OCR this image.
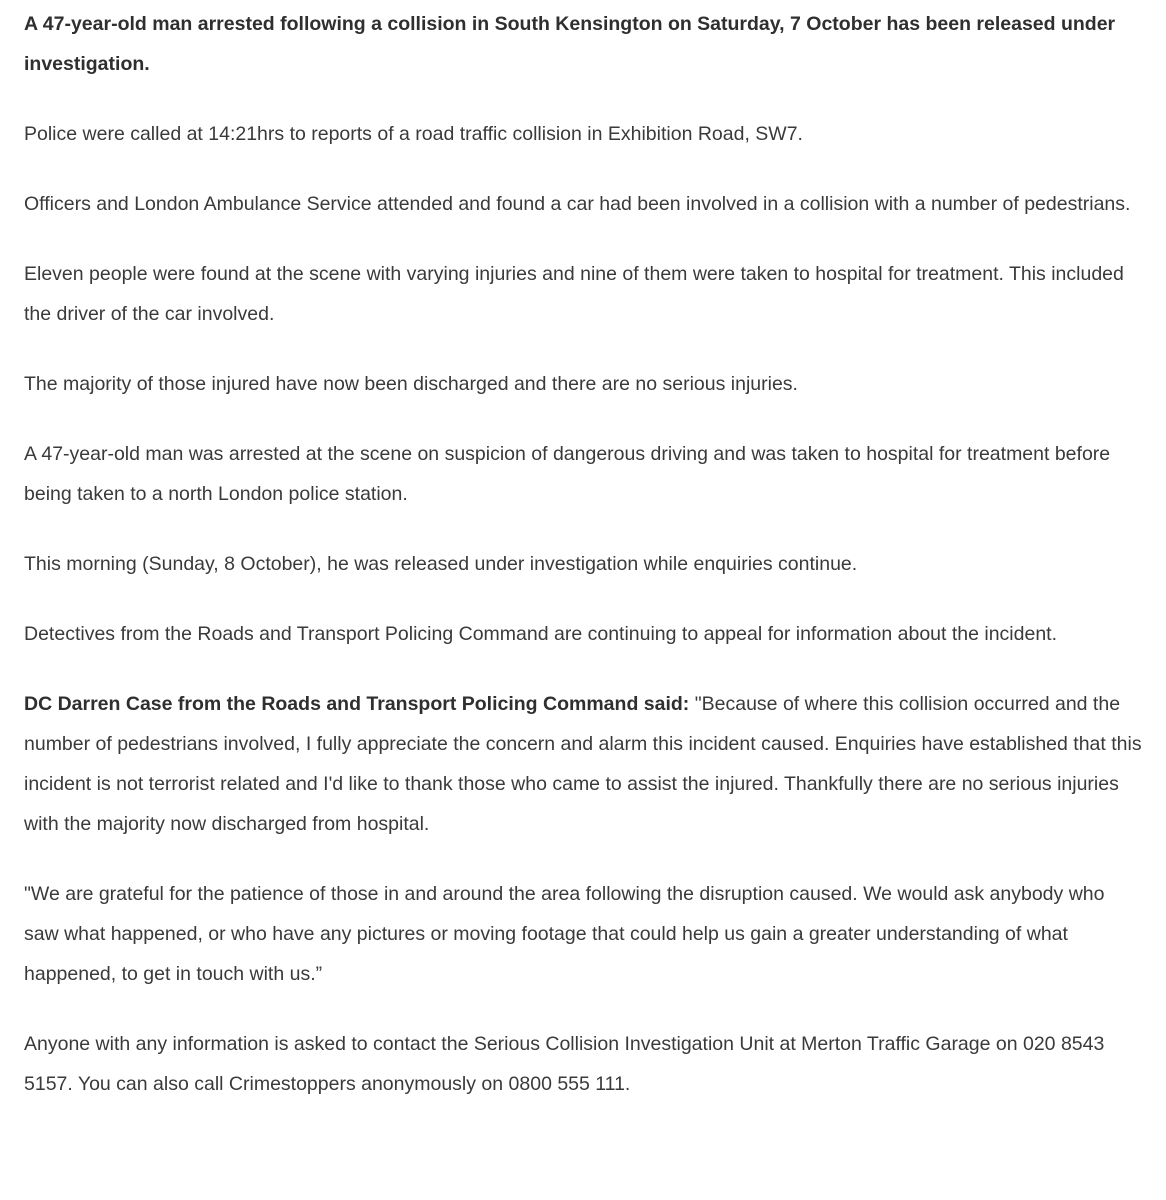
A 47-year-old man arrested following a collision in South Kensington on Saturday, 7 October has been released under investigation.

Police were called at 14:21hrs to reports of a road traffic collision in Exhibition Road, SW7.

Officers and London Ambulance Service attended and found a car had been involved in a collision with a number of pedestrians.

Eleven people were found at the scene with varying injuries and nine of them were taken to hospital for treatment. This included the driver of the car involved.

The majority of those injured have now been discharged and there are no serious injuries.

A 47-year-old man was arrested at the scene on suspicion of dangerous driving and was taken to hospital for treatment before being taken to a north London police station.

This morning (Sunday, 8 October), he was released under investigation while enquiries continue.

Detectives from the Roads and Transport Policing Command are continuing to appeal for information about the incident.

DC Darren Case from the Roads and Transport Policing Command said: "Because of where this collision occurred and the number of pedestrians involved, I fully appreciate the concern and alarm this incident caused. Enquiries have established that this incident is not terrorist related and I'd like to thank those who came to assist the injured. Thankfully there are no serious injuries with the majority now discharged from hospital.

"We are grateful for the patience of those in and around the area following the disruption caused. We would ask anybody who saw what happened, or who have any pictures or moving footage that could help us gain a greater understanding of what happened, to get in touch with us.”

Anyone with any information is asked to contact the Serious Collision Investigation Unit at Merton Traffic Garage on 020 8543 5157. You can also call Crimestoppers anonymously on 0800 555 111.
